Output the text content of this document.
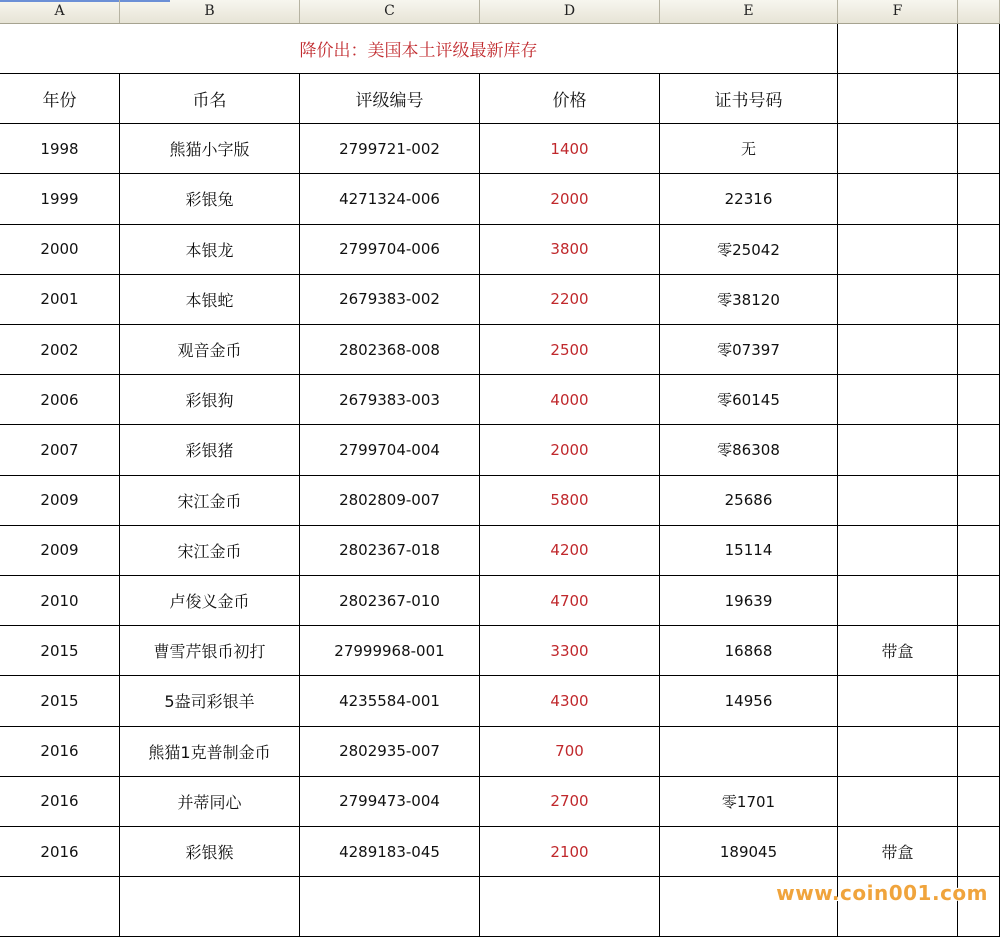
A	B	C	D	E	F
降价出：美国本土评级最新库存
年份	币名	评级编号	价格	证书号码
1998	熊猫小字版	2799721-002	1400	无
1999	彩银兔	4271324-006	2000	22316
2000	本银龙	2799704-006	3800	零25042
2001	本银蛇	2679383-002	2200	零38120
2002	观音金币	2802368-008	2500	零07397
2006	彩银狗	2679383-003	4000	零60145
2007	彩银猪	2799704-004	2000	零86308
2009	宋江金币	2802809-007	5800	25686
2009	宋江金币	2802367-018	4200	15114
2010	卢俊义金币	2802367-010	4700	19639
2015	曹雪芹银币初打	27999968-001	3300	16868	带盒
2015	5盎司彩银羊	4235584-001	4300	14956
2016	熊猫1克普制金币	2802935-007	700
2016	并蒂同心	2799473-004	2700	零1701
2016	彩银猴	4289183-045	2100	189045	带盒
www.coin001.com
